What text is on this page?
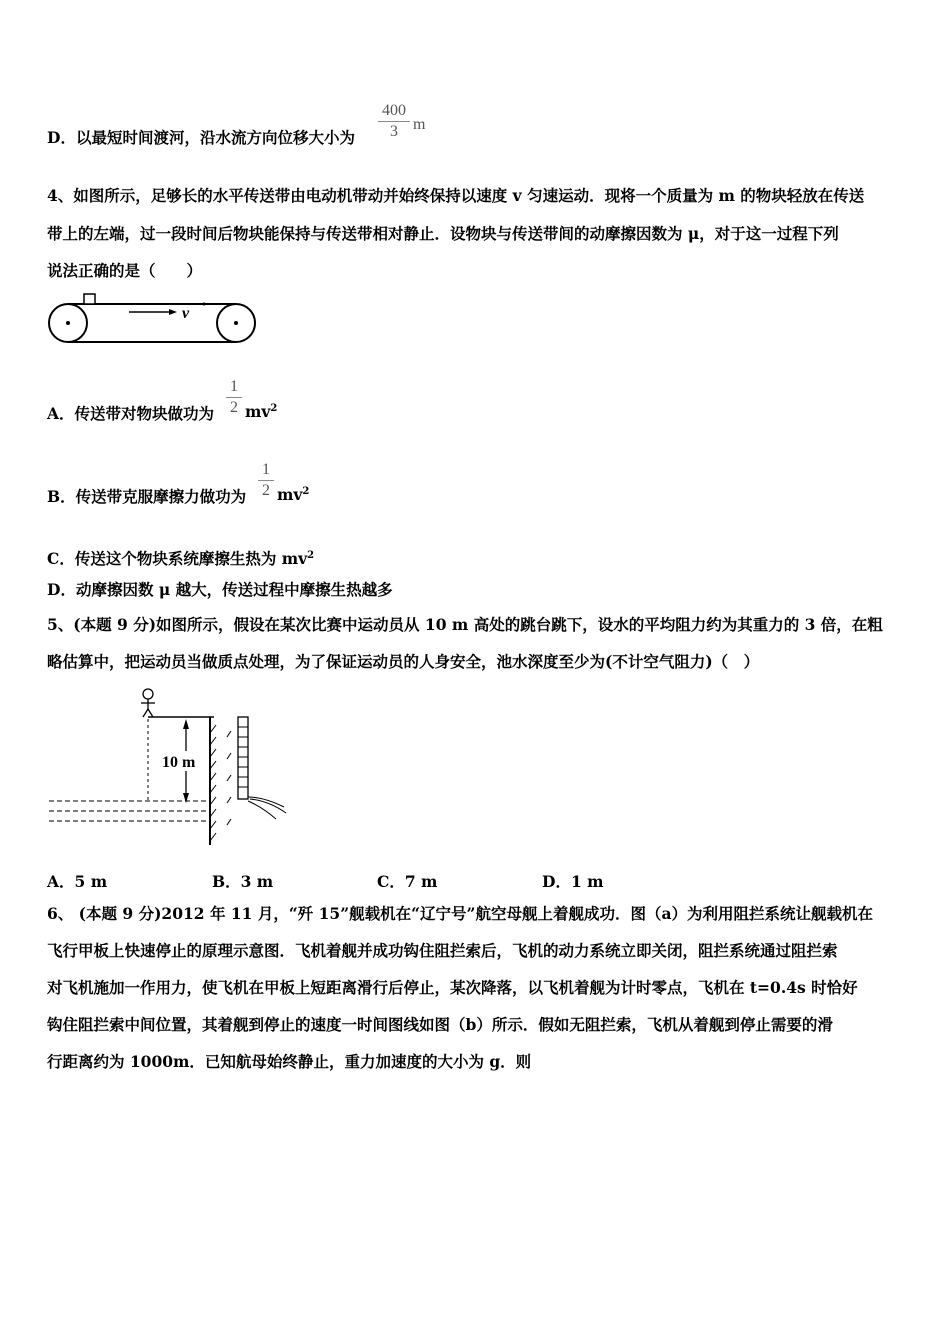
D．以最短时间渡河，沿水流方向位移大小为
400
3 m
4、如图所示，足够长的水平传送带由电动机带动并始终保持以速度 v 匀速运动．现将一个质量为 m 的物块轻放在传送
带上的左端，过一段时间后物块能保持与传送带相对静止．设物块与传送带间的动摩擦因数为 μ，对于这一过程下列
说法正确的是（　　）
v
A．传送带对物块做功为
1
2 $mv^2$
B．传送带克服摩擦力做功为
1
2 $mv^2$
C．传送这个物块系统摩擦生热为 $mv^2$
D．动摩擦因数 μ 越大，传送过程中摩擦生热越多
5、(本题 9 分)如图所示，假设在某次比赛中运动员从 10 m 高处的跳台跳下，设水的平均阻力约为其重力的 3 倍，在粗
略估算中，把运动员当做质点处理，为了保证运动员的人身安全，池水深度至少为(不计空气阻力)（　）
10 m
A．5 m	B．3 m	C．7 m	D．1 m
6、 (本题 9 分)2012 年 11 月，“歼 15”舰载机在“辽宁号”航空母舰上着舰成功．图（a）为利用阻拦系统让舰载机在
飞行甲板上快速停止的原理示意图．飞机着舰并成功钩住阻拦索后，飞机的动力系统立即关闭，阻拦系统通过阻拦索
对飞机施加一作用力，使飞机在甲板上短距离滑行后停止，某次降落，以飞机着舰为计时零点，飞机在 t=0.4s 时恰好
钩住阻拦索中间位置，其着舰到停止的速度一时间图线如图（b）所示．假如无阻拦索，飞机从着舰到停止需要的滑
行距离约为 1000m．已知航母始终静止，重力加速度的大小为 g．则
